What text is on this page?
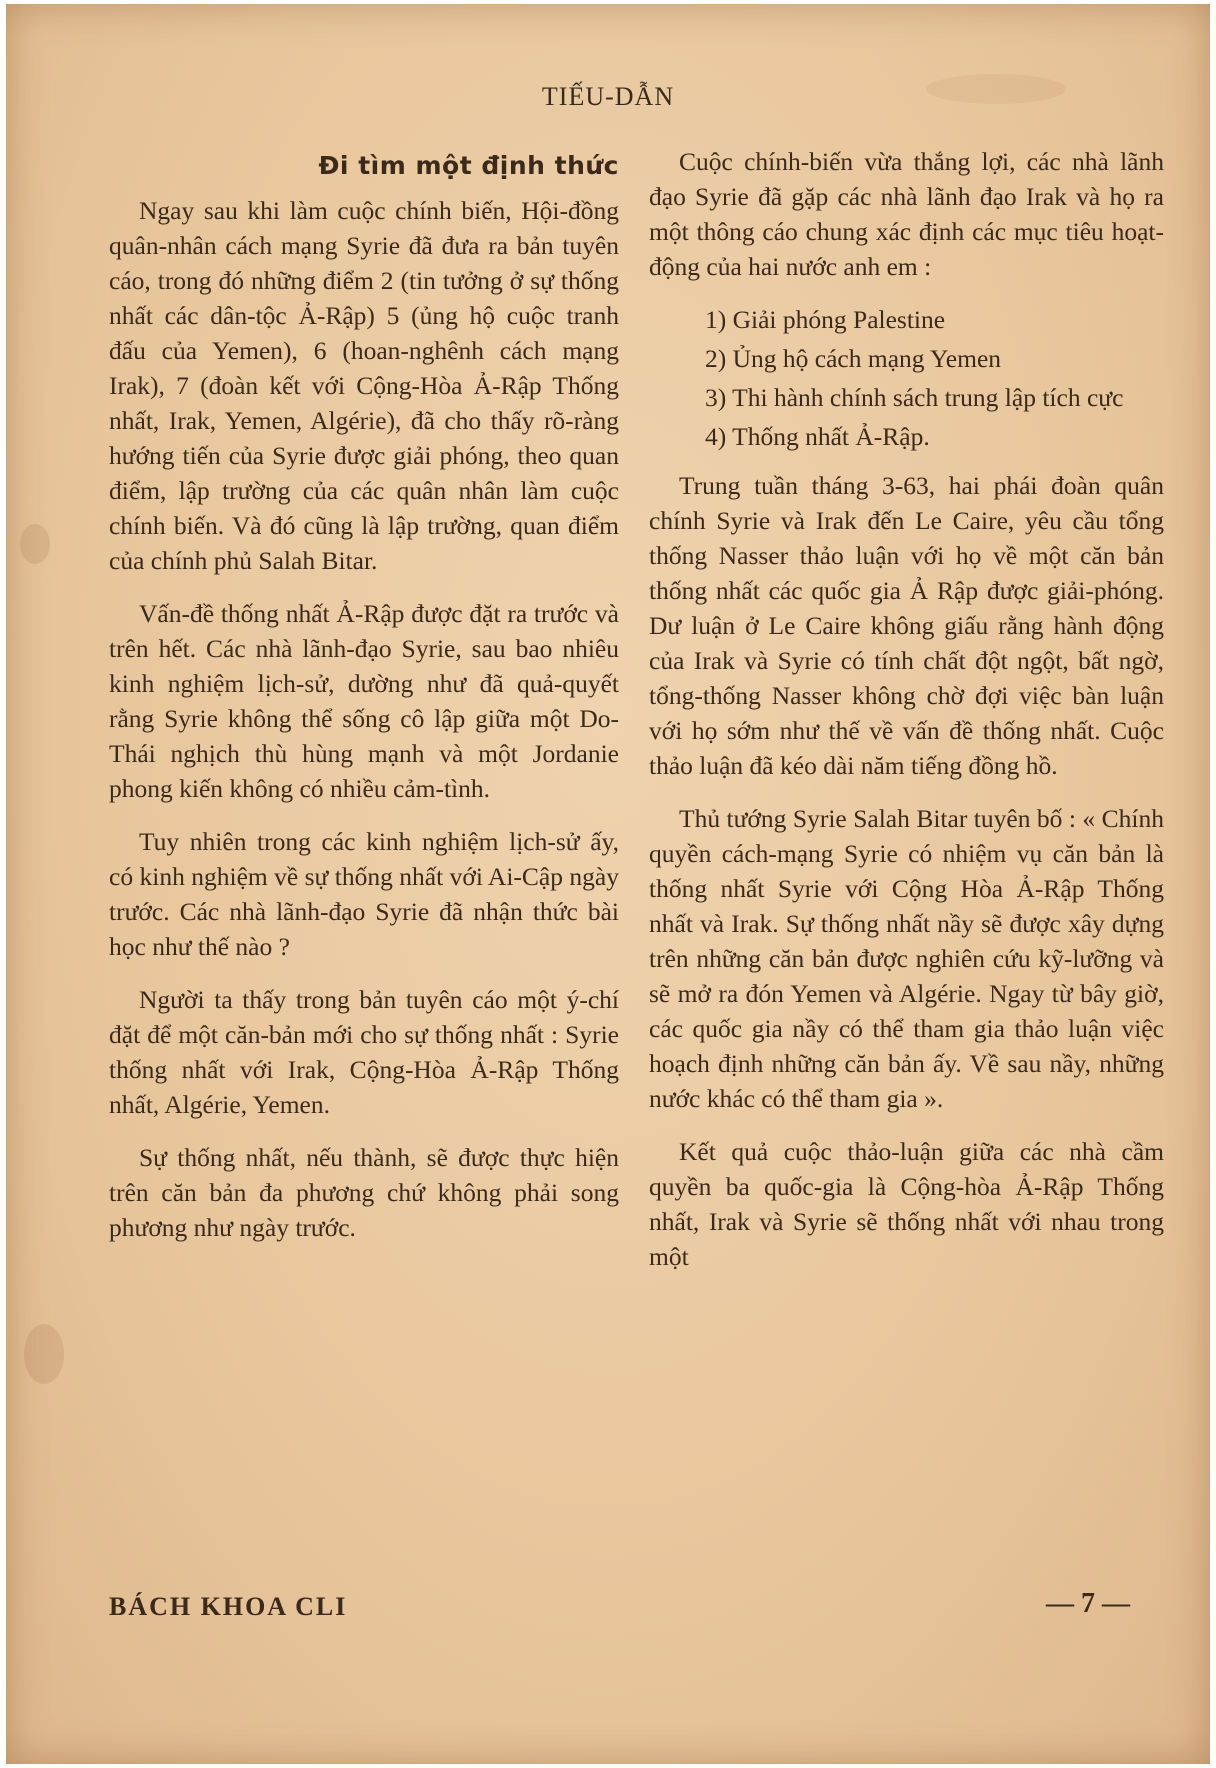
TIẾU-DẪN
Đi tìm một định thức

Ngay sau khi làm cuộc chính biến, Hội-đồng quân-nhân cách mạng Syrie đã đưa ra bản tuyên cáo, trong đó những điểm 2 (tin tưởng ở sự thống nhất các dân-tộc Ả-Rập) 5 (ủng hộ cuộc tranh đấu của Yemen), 6 (hoan-nghênh cách mạng Irak), 7 (đoàn kết với Cộng-Hòa Ả-Rập Thống nhất, Irak, Yemen, Algérie), đã cho thấy rõ-ràng hướng tiến của Syrie được giải phóng, theo quan điểm, lập trường của các quân nhân làm cuộc chính biến. Và đó cũng là lập trường, quan điểm của chính phủ Salah Bitar.

Vấn-đề thống nhất Ả-Rập được đặt ra trước và trên hết. Các nhà lãnh-đạo Syrie, sau bao nhiêu kinh nghiệm lịch-sử, dường như đã quả-quyết rằng Syrie không thể sống cô lập giữa một Do-Thái nghịch thù hùng mạnh và một Jordanie phong kiến không có nhiều cảm-tình.

Tuy nhiên trong các kinh nghiệm lịch-sử ấy, có kinh nghiệm về sự thống nhất với Ai-Cập ngày trước. Các nhà lãnh-đạo Syrie đã nhận thức bài học như thế nào ?

Người ta thấy trong bản tuyên cáo một ý-chí đặt để một căn-bản mới cho sự thống nhất : Syrie thống nhất với Irak, Cộng-Hòa Ả-Rập Thống nhất, Algérie, Yemen.

Sự thống nhất, nếu thành, sẽ được thực hiện trên căn bản đa phương chứ không phải song phương như ngày trước.

Cuộc chính-biến vừa thắng lợi, các nhà lãnh đạo Syrie đã gặp các nhà lãnh đạo Irak và họ ra một thông cáo chung xác định các mục tiêu hoạt-động của hai nước anh em :

1) Giải phóng Palestine
2) Ủng hộ cách mạng Yemen
3) Thi hành chính sách trung lập tích cực
4) Thống nhất Ả-Rập.

Trung tuần tháng 3-63, hai phái đoàn quân chính Syrie và Irak đến Le Caire, yêu cầu tổng thống Nasser thảo luận với họ về một căn bản thống nhất các quốc gia Ả Rập được giải-phóng. Dư luận ở Le Caire không giấu rằng hành động của Irak và Syrie có tính chất đột ngột, bất ngờ, tổng-thống Nasser không chờ đợi việc bàn luận với họ sớm như thế về vấn đề thống nhất. Cuộc thảo luận đã kéo dài năm tiếng đồng hồ.

Thủ tướng Syrie Salah Bitar tuyên bố : « Chính quyền cách-mạng Syrie có nhiệm vụ căn bản là thống nhất Syrie với Cộng Hòa Ả-Rập Thống nhất và Irak. Sự thống nhất nầy sẽ được xây dựng trên những căn bản được nghiên cứu kỹ-lưỡng và sẽ mở ra đón Yemen và Algérie. Ngay từ bây giờ, các quốc gia nầy có thể tham gia thảo luận việc hoạch định những căn bản ấy. Về sau nầy, những nước khác có thể tham gia ».

Kết quả cuộc thảo-luận giữa các nhà cầm quyền ba quốc-gia là Cộng-hòa Ả-Rập Thống nhất, Irak và Syrie sẽ thống nhất với nhau trong một

BÁCH KHOA CLI	— 7 —
